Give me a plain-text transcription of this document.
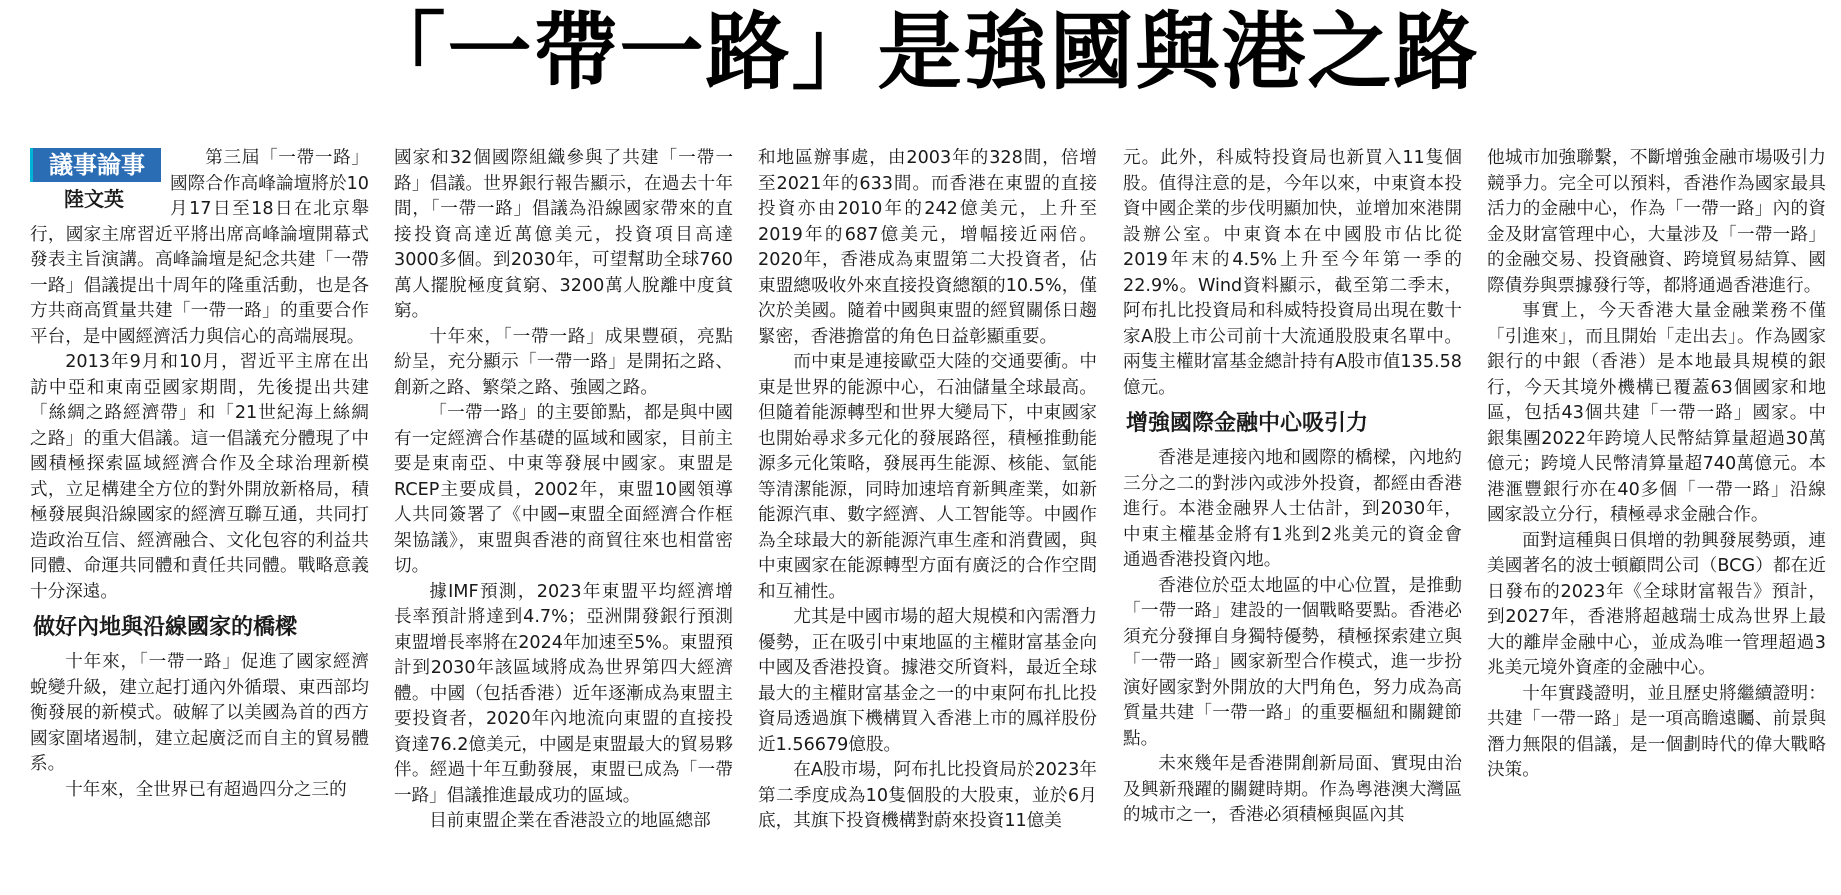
「一帶一路」是強國與港之路
議事論事
陸文英

第三屆「一帶一路」國際合作高峰論壇將於10月17日至18日在北京舉行，國家主席習近平將出席高峰論壇開幕式發表主旨演講。高峰論壇是紀念共建「一帶一路」倡議提出十周年的隆重活動，也是各方共商高質量共建「一帶一路」的重要合作平台，是中國經濟活力與信心的高端展現。

2013年9月和10月，習近平主席在出訪中亞和東南亞國家期間，先後提出共建「絲綢之路經濟帶」和「21世紀海上絲綢之路」的重大倡議。這一倡議充分體現了中國積極探索區域經濟合作及全球治理新模式，立足構建全方位的對外開放新格局，積極發展與沿線國家的經濟互聯互通，共同打造政治互信、經濟融合、文化包容的利益共同體、命運共同體和責任共同體。戰略意義十分深遠。

做好內地與沿線國家的橋樑

十年來，「一帶一路」促進了國家經濟蛻變升級，建立起打通內外循環、東西部均衡發展的新模式。破解了以美國為首的西方國家圍堵遏制，建立起廣泛而自主的貿易體系。

十年來，全世界已有超過四分之三的

國家和32個國際組織參與了共建「一帶一路」倡議。世界銀行報告顯示，在過去十年間，「一帶一路」倡議為沿線國家帶來的直接投資高達近萬億美元，投資項目高達3000多個。到2030年，可望幫助全球760萬人擺脫極度貧窮、3200萬人脫離中度貧窮。

十年來，「一帶一路」成果豐碩，亮點紛呈，充分顯示「一帶一路」是開拓之路、創新之路、繁榮之路、強國之路。

「一帶一路」的主要節點，都是與中國有一定經濟合作基礎的區域和國家，目前主要是東南亞、中東等發展中國家。東盟是RCEP主要成員，2002年，東盟10國領導人共同簽署了《中國─東盟全面經濟合作框架協議》，東盟與香港的商貿往來也相當密切。

據IMF預測，2023年東盟平均經濟增長率預計將達到4.7%；亞洲開發銀行預測東盟增長率將在2024年加速至5%。東盟預計到2030年該區域將成為世界第四大經濟體。中國（包括香港）近年逐漸成為東盟主要投資者，2020年內地流向東盟的直接投資達76.2億美元，中國是東盟最大的貿易夥伴。經過十年互動發展，東盟已成為「一帶一路」倡議推進最成功的區域。

目前東盟企業在香港設立的地區總部

和地區辦事處，由2003年的328間，倍增至2021年的633間。而香港在東盟的直接投資亦由2010年的242億美元，上升至2019年的687億美元，增幅接近兩倍。2020年，香港成為東盟第二大投資者，佔東盟總吸收外來直接投資總額的10.5%，僅次於美國。隨着中國與東盟的經貿關係日趨緊密，香港擔當的角色日益彰顯重要。

而中東是連接歐亞大陸的交通要衝。中東是世界的能源中心，石油儲量全球最高。但隨着能源轉型和世界大變局下，中東國家也開始尋求多元化的發展路徑，積極推動能源多元化策略，發展再生能源、核能、氫能等清潔能源，同時加速培育新興產業，如新能源汽車、數字經濟、人工智能等。中國作為全球最大的新能源汽車生產和消費國，與中東國家在能源轉型方面有廣泛的合作空間和互補性。

尤其是中國市場的超大規模和內需潛力優勢，正在吸引中東地區的主權財富基金向中國及香港投資。據港交所資料，最近全球最大的主權財富基金之一的中東阿布扎比投資局透過旗下機構買入香港上市的鳳祥股份近1.56679億股。

在A股市場，阿布扎比投資局於2023年第二季度成為10隻個股的大股東，並於6月底，其旗下投資機構對蔚來投資11億美

元。此外，科威特投資局也新買入11隻個股。值得注意的是，今年以來，中東資本投資中國企業的步伐明顯加快，並增加來港開設辦公室。中東資本在中國股市佔比從2019年末的4.5%上升至今年第一季的22.9%。Wind資料顯示，截至第二季末，阿布扎比投資局和科威特投資局出現在數十家A股上市公司前十大流通股股東名單中。兩隻主權財富基金總計持有A股市值135.58億元。

增強國際金融中心吸引力

香港是連接內地和國際的橋樑，內地約三分之二的對涉內或涉外投資，都經由香港進行。本港金融界人士估計，到2030年，中東主權基金將有1兆到2兆美元的資金會通過香港投資內地。

香港位於亞太地區的中心位置，是推動「一帶一路」建設的一個戰略要點。香港必須充分發揮自身獨特優勢，積極探索建立與「一帶一路」國家新型合作模式，進一步扮演好國家對外開放的大門角色，努力成為高質量共建「一帶一路」的重要樞紐和關鍵節點。

未來幾年是香港開創新局面、實現由治及興新飛躍的關鍵時期。作為粵港澳大灣區的城市之一，香港必須積極與區內其

他城市加強聯繫，不斷增強金融市場吸引力競爭力。完全可以預料，香港作為國家最具活力的金融中心，作為「一帶一路」內的資金及財富管理中心，大量涉及「一帶一路」的金融交易、投資融資、跨境貿易結算、國際債券與票據發行等，都將通過香港進行。

事實上，今天香港大量金融業務不僅「引進來」，而且開始「走出去」。作為國家銀行的中銀（香港）是本地最具規模的銀行，今天其境外機構已覆蓋63個國家和地區，包括43個共建「一帶一路」國家。中銀集團2022年跨境人民幣結算量超過30萬億元；跨境人民幣清算量超740萬億元。本港滙豐銀行亦在40多個「一帶一路」沿線國家設立分行，積極尋求金融合作。

面對這種與日俱增的勃興發展勢頭，連美國著名的波士頓顧問公司（BCG）都在近日發布的2023年《全球財富報告》預計，到2027年，香港將超越瑞士成為世界上最大的離岸金融中心，並成為唯一管理超過3兆美元境外資產的金融中心。

十年實踐證明，並且歷史將繼續證明：共建「一帶一路」是一項高瞻遠矚、前景與潛力無限的倡議，是一個劃時代的偉大戰略決策。
